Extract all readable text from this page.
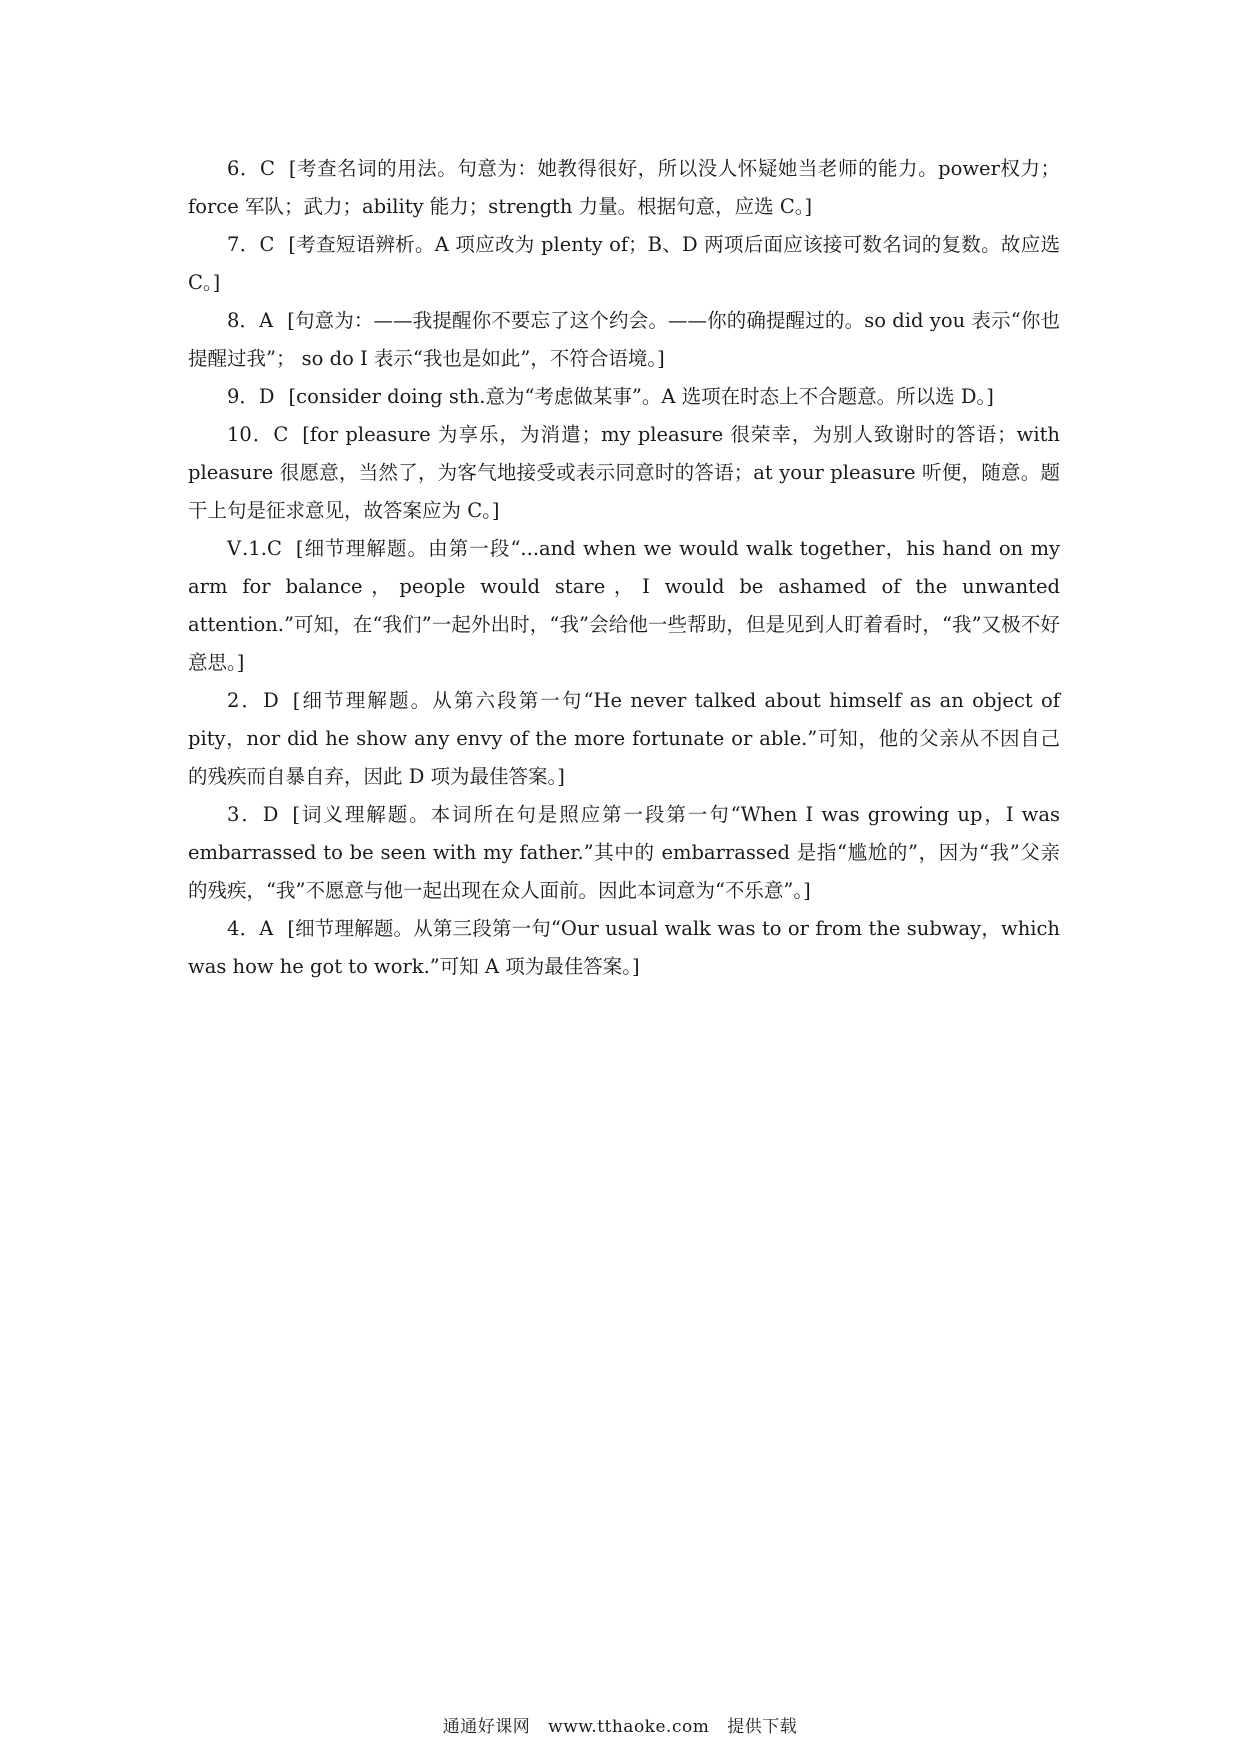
6．C [考查名词的用法。句意为：她教得很好，所以没人怀疑她当老师的能力。power权力；force 军队；武力；ability 能力；strength 力量。根据句意，应选 C。]

7．C [考查短语辨析。A 项应改为 plenty of；B、D 两项后面应该接可数名词的复数。故应选 C。]

8．A [句意为：——我提醒你不要忘了这个约会。——你的确提醒过的。so did you 表示“你也提醒过我”； so do I 表示“我也是如此”，不符合语境。]

9．D [consider doing sth.意为“考虑做某事”。A 选项在时态上不合题意。所以选 D。]

10．C [for pleasure 为享乐，为消遣；my pleasure 很荣幸，为别人致谢时的答语；with pleasure 很愿意，当然了，为客气地接受或表示同意时的答语；at your pleasure 听便，随意。题干上句是征求意见，故答案应为 C。]

Ⅴ.1.C [细节理解题。由第一段“...and when we would walk together，his hand on my arm for balance，people would stare，I would be ashamed of the unwanted attention.”可知，在“我们”一起外出时，“我”会给他一些帮助，但是见到人盯着看时，“我”又极不好意思。]

2．D [细节理解题。从第六段第一句“He never talked about himself as an object of pity，nor did he show any envy of the more fortunate or able.”可知，他的父亲从不因自己的残疾而自暴自弃，因此 D 项为最佳答案。]

3．D [词义理解题。本词所在句是照应第一段第一句“When I was growing up，I was embarrassed to be seen with my father.”其中的 embarrassed 是指“尴尬的”，因为“我”父亲的残疾，“我”不愿意与他一起出现在众人面前。因此本词意为“不乐意”。]

4．A [细节理解题。从第三段第一句“Our usual walk was to or from the subway，which was how he got to work.”可知 A 项为最佳答案。]

通通好课网 www.tthaoke.com 提供下载
